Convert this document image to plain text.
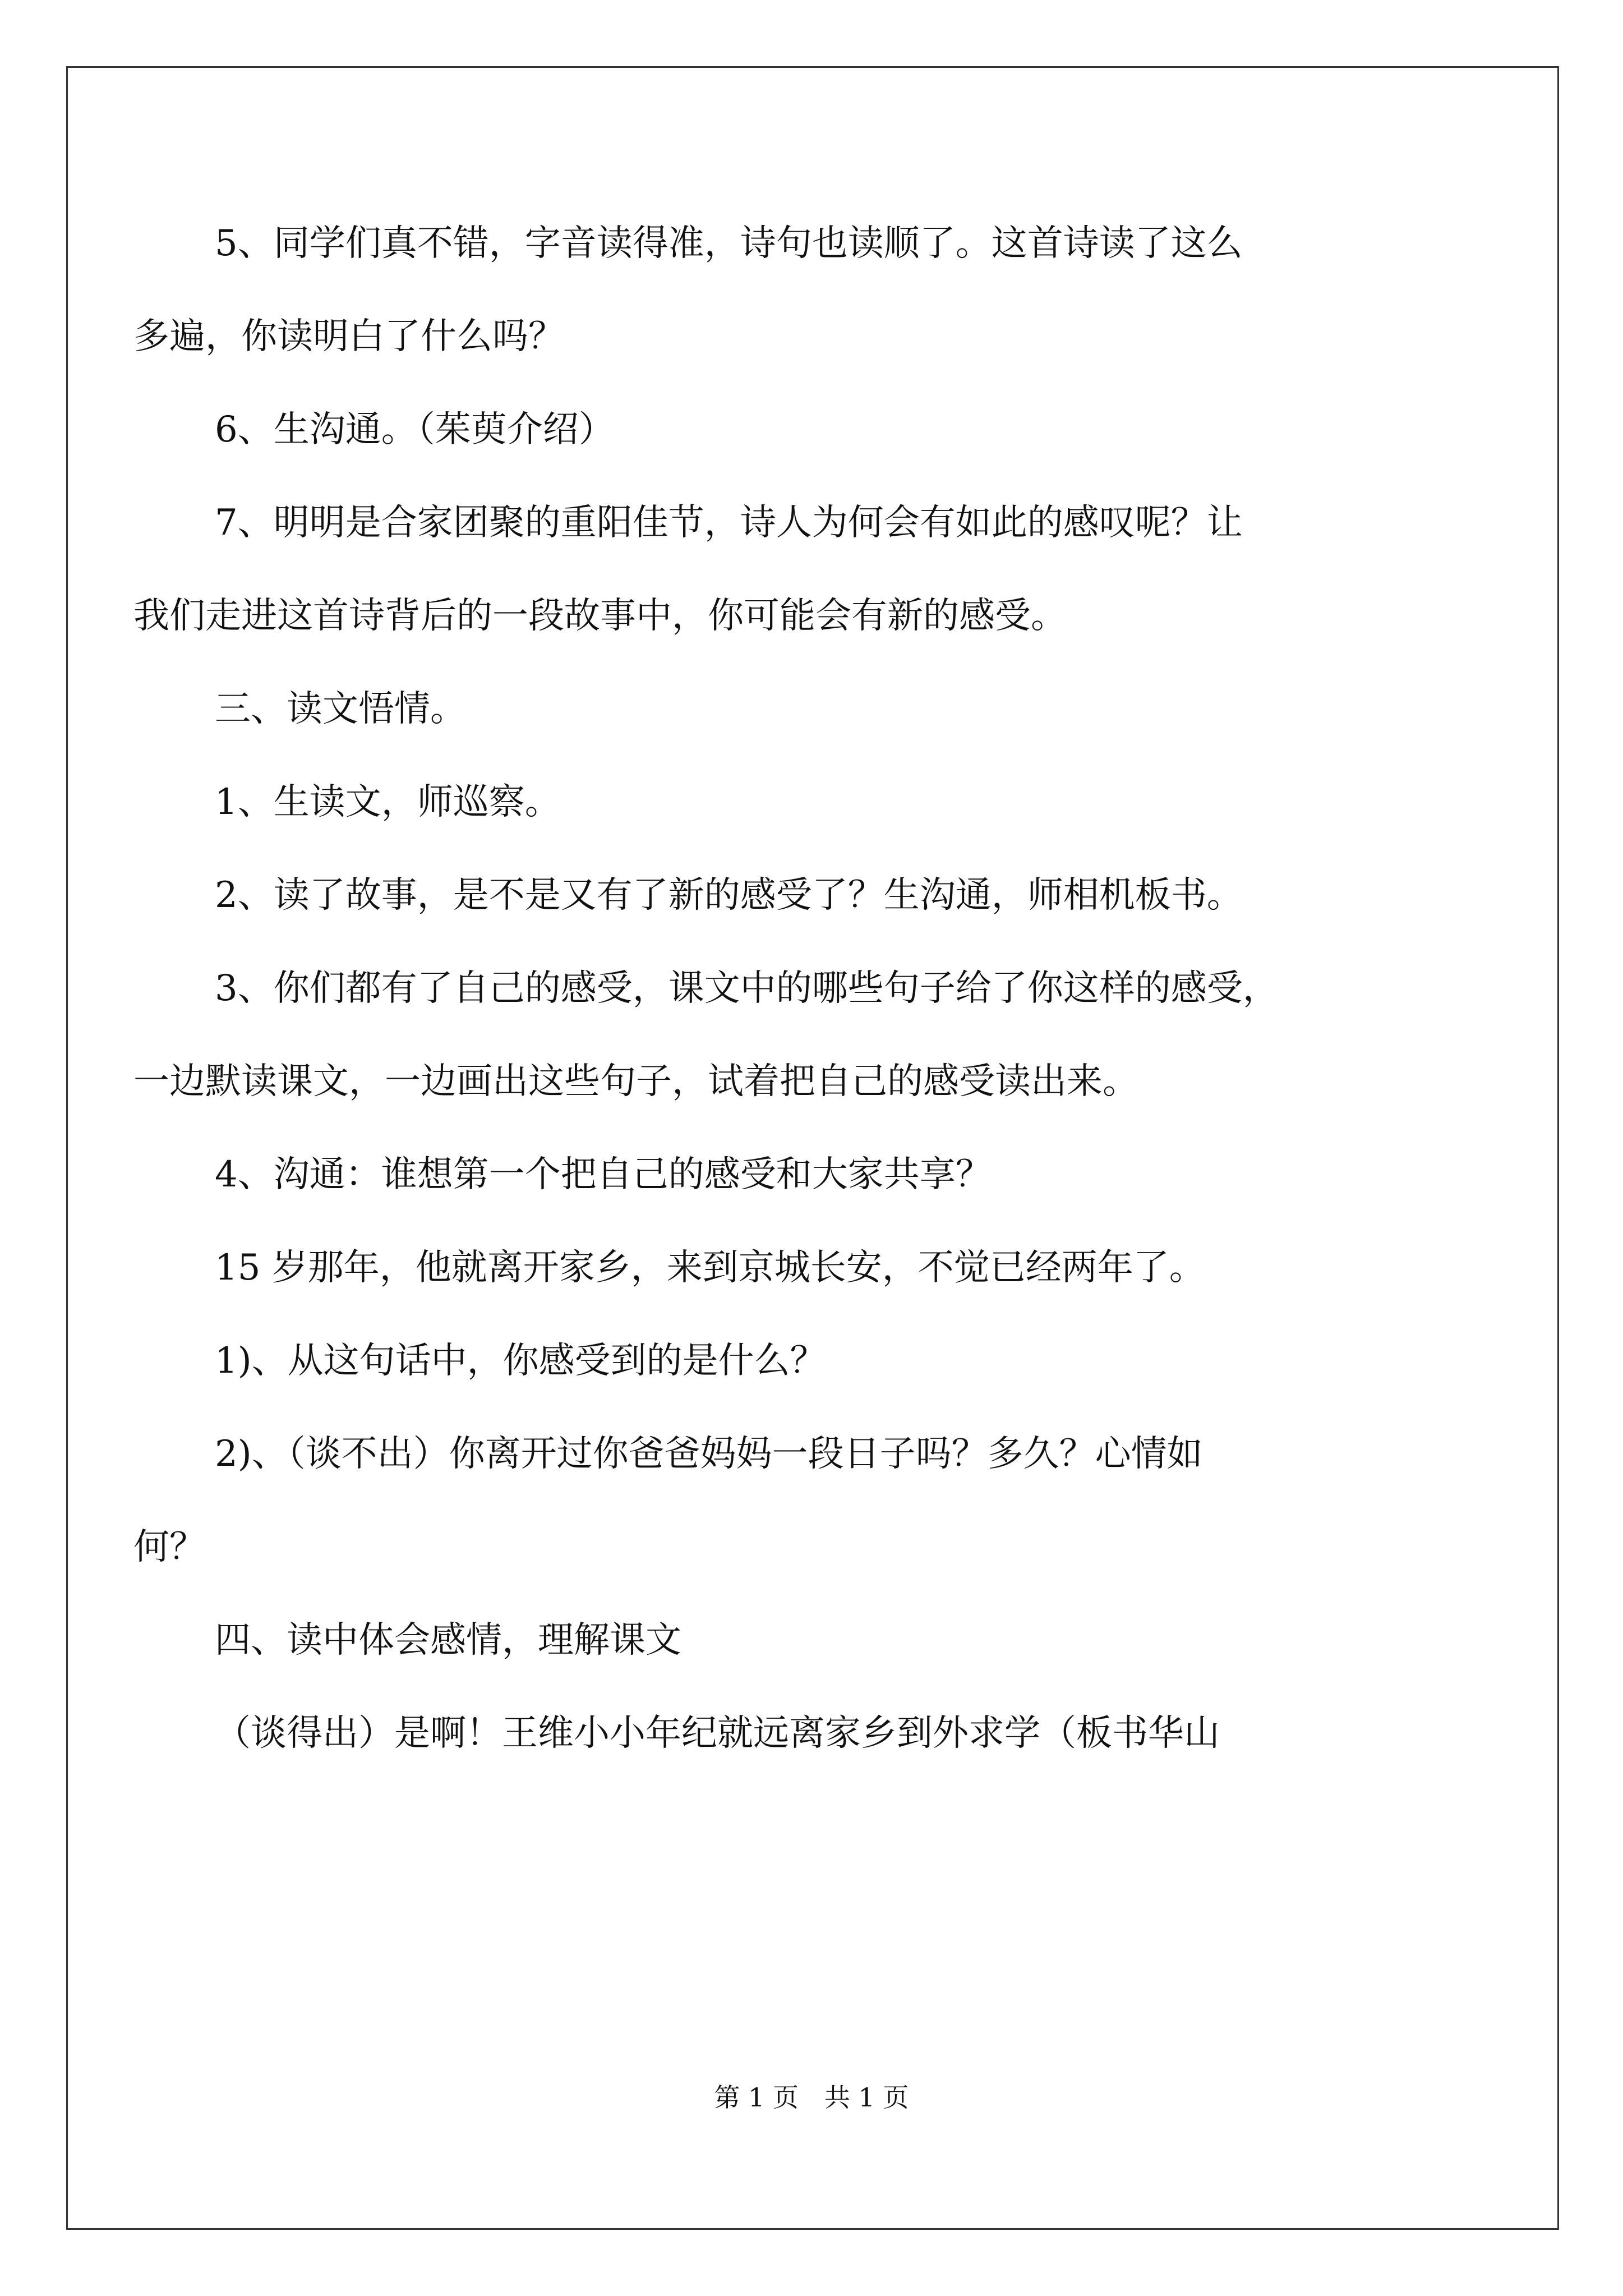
5、同学们真不错，字音读得准，诗句也读顺了。这首诗读了这么
多遍，你读明白了什么吗？
6、生沟通。（茱萸介绍）
7、明明是合家团聚的重阳佳节，诗人为何会有如此的感叹呢？让
我们走进这首诗背后的一段故事中，你可能会有新的感受。
三、读文悟情。
1、生读文，师巡察。
2、读了故事，是不是又有了新的感受了？生沟通，师相机板书。
3、你们都有了自己的感受，课文中的哪些句子给了你这样的感受，
一边默读课文，一边画出这些句子，试着把自己的感受读出来。
4、沟通：谁想第一个把自己的感受和大家共享？
15 岁那年，他就离开家乡，来到京城长安，不觉已经两年了。
1)、从这句话中，你感受到的是什么？
2)、（谈不出）你离开过你爸爸妈妈一段日子吗？多久？心情如
何？
四、读中体会感情，理解课文
（谈得出）是啊！王维小小年纪就远离家乡到外求学（板书华山
第 1 页　共 1 页
